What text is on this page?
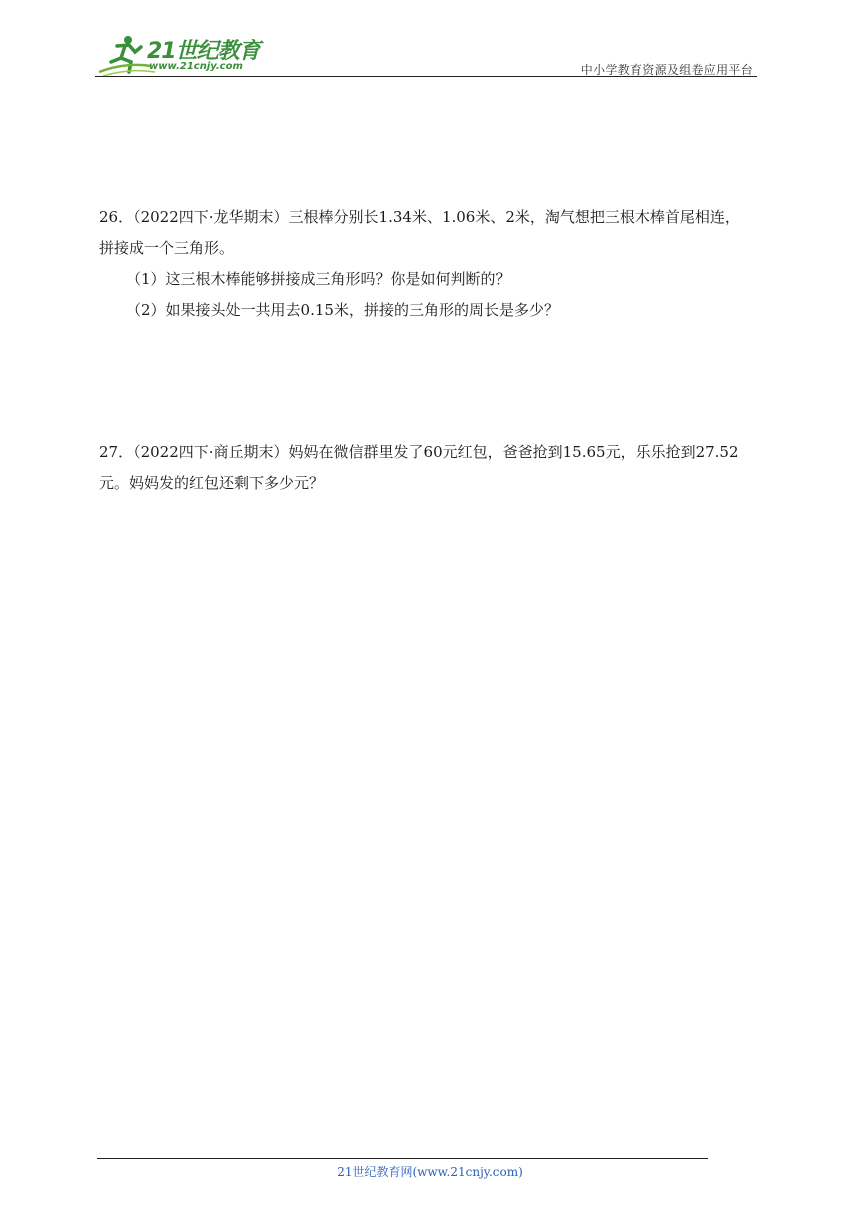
21世纪教育
www.21cnjy.com	中小学教育资源及组卷应用平台
26．（2022四下·龙华期末）三根棒分别长1.34米、1.06米、2米，淘气想把三根木棒首尾相连，
拼接成一个三角形。
（1）这三根木棒能够拼接成三角形吗？你是如何判断的？
（2）如果接头处一共用去0.15米，拼接的三角形的周长是多少？
27．（2022四下·商丘期末）妈妈在微信群里发了60元红包，爸爸抢到15.65元，乐乐抢到27.52
元。妈妈发的红包还剩下多少元？
21世纪教育网(www.21cnjy.com)
